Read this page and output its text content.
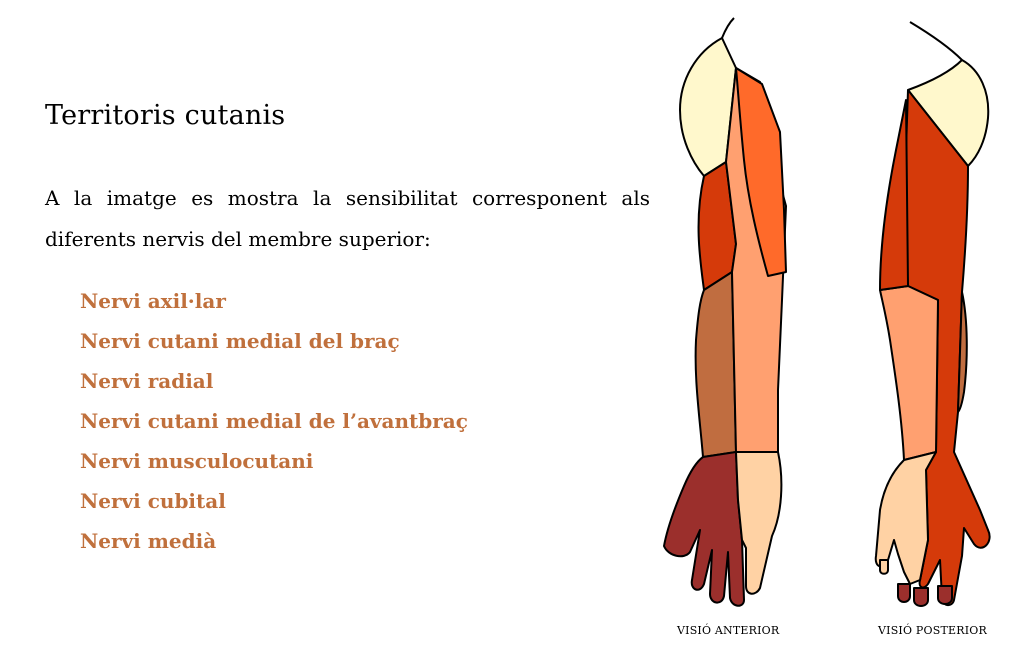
Territoris cutanis
A la imatge es mostra la sensibilitat corresponent als diferents nervis del membre superior:
Nervi axil·lar
Nervi cutani medial del braç
Nervi radial
Nervi cutani medial de l’avantbraç
Nervi musculocutani
Nervi cubital
Nervi medià
VISIÓ ANTERIOR	VISIÓ POSTERIOR
